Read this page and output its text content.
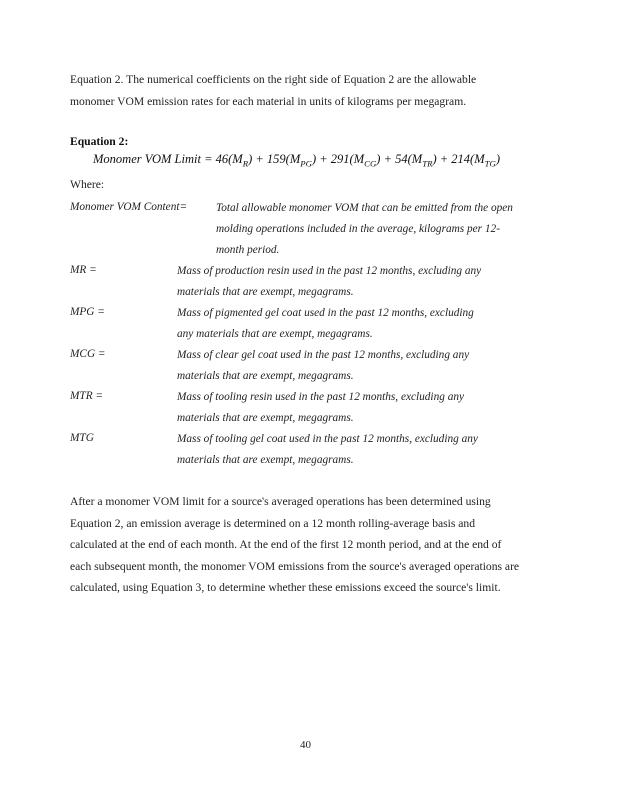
Equation 2. The numerical coefficients on the right side of Equation 2 are the allowable
monomer VOM emission rates for each material in units of kilograms per megagram.
Equation 2:
Monomer VOM Limit = $46(M_R) + 159(M_{PG}) + 291(M_{CG}) + 54(M_{TR}) + 214(M_{TG})$
Where:
Monomer VOM Content=	Total allowable monomer VOM that can be emitted from the open
molding operations included in the average, kilograms per 12-
month period.
MR =	Mass of production resin used in the past 12 months, excluding any
materials that are exempt, megagrams.
MPG =	Mass of pigmented gel coat used in the past 12 months, excluding
any materials that are exempt, megagrams.
MCG =	Mass of clear gel coat used in the past 12 months, excluding any
materials that are exempt, megagrams.
MTR =	Mass of tooling resin used in the past 12 months, excluding any
materials that are exempt, megagrams.
MTG	Mass of tooling gel coat used in the past 12 months, excluding any
materials that are exempt, megagrams.
After a monomer VOM limit for a source's averaged operations has been determined using
Equation 2, an emission average is determined on a 12 month rolling-average basis and
calculated at the end of each month. At the end of the first 12 month period, and at the end of
each subsequent month, the monomer VOM emissions from the source's averaged operations are
calculated, using Equation 3, to determine whether these emissions exceed the source's limit.
40
